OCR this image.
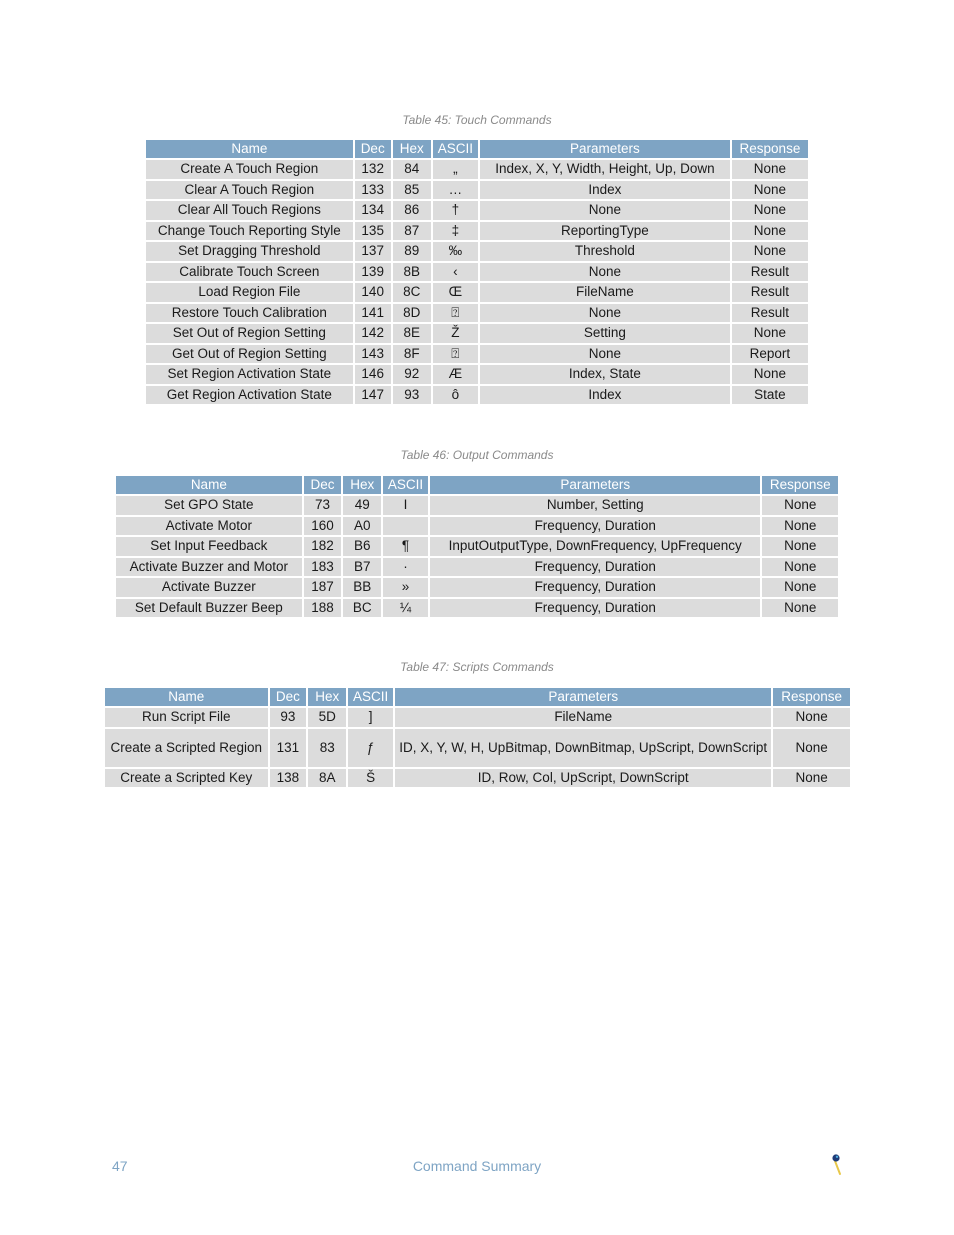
Table 45: Touch Commands
Name	Dec	Hex	ASCII	Parameters	Response
Create A Touch Region	132	84	„	Index, X, Y, Width, Height, Up, Down	None
Clear A Touch Region	133	85	…	Index	None
Clear All Touch Regions	134	86	†	None	None
Change Touch Reporting Style	135	87	‡	ReportingType	None
Set Dragging Threshold	137	89	‰	Threshold	None
Calibrate Touch Screen	139	8B	‹	None	Result
Load Region File	140	8C	Œ	FileName	Result
Restore Touch Calibration	141	8D	⍰	None	Result
Set Out of Region Setting	142	8E	Ž	Setting	None
Get Out of Region Setting	143	8F	⍰	None	Report
Set Region Activation State	146	92	Æ	Index, State	None
Get Region Activation State	147	93	ô	Index	State
Table 46: Output Commands
Name	Dec	Hex	ASCII	Parameters	Response
Set GPO State	73	49	I	Number, Setting	None
Activate Motor	160	A0		Frequency, Duration	None
Set Input Feedback	182	B6	¶	InputOutputType, DownFrequency, UpFrequency	None
Activate Buzzer and Motor	183	B7	·	Frequency, Duration	None
Activate Buzzer	187	BB	»	Frequency, Duration	None
Set Default Buzzer Beep	188	BC	¼	Frequency, Duration	None
Table 47: Scripts Commands
Name	Dec	Hex	ASCII	Parameters	Response
Run Script File	93	5D	]	FileName	None
Create a Scripted Region	131	83	ƒ	ID, X, Y, W, H, UpBitmap, DownBitmap, UpScript, DownScript	None
Create a Scripted Key	138	8A	Š	ID, Row, Col, UpScript, DownScript	None
47	Command Summary
